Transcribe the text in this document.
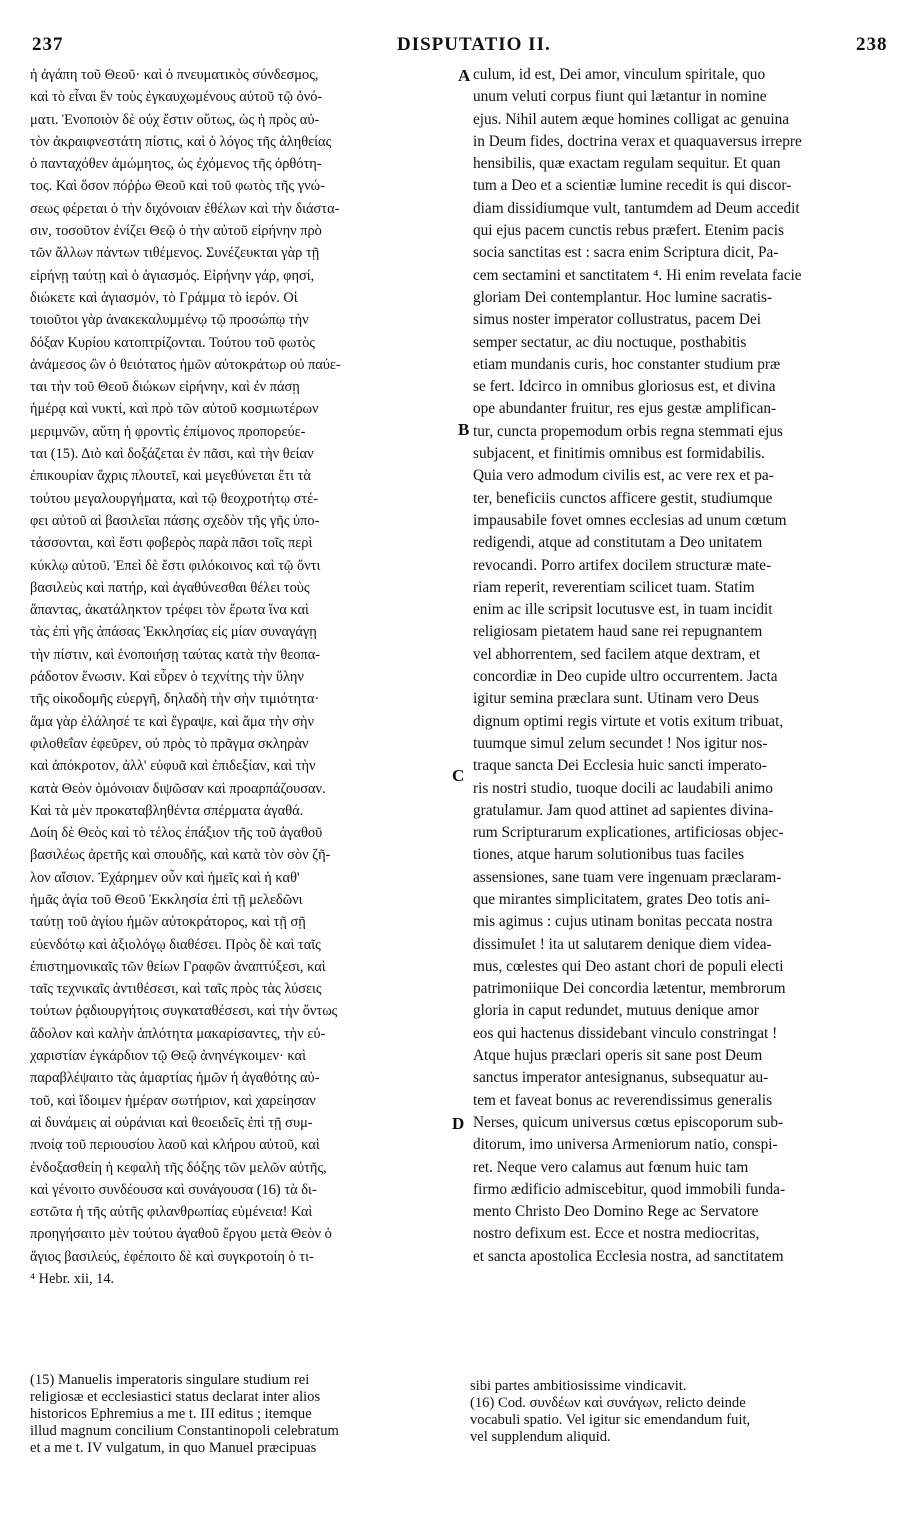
237	DISPUTATIO II.	238
ἡ ἀγάπη τοῦ Θεοῦ· καὶ ὁ πνευματικὸς σύνδεσμος,
καὶ τὸ εἶναι ἓν τοὺς ἐγκαυχωμένους αὐτοῦ τῷ ὀνό-
ματι. Ἑνοποιὸν δὲ οὐχ ἔστιν οὕτως, ὡς ἡ πρὸς αὐ-
τὸν ἀκραιφνεστάτη πίστις, καὶ ὁ λόγος τῆς ἀληθείας
ὁ πανταχόθεν ἀμώμητος, ὡς ἐχόμενος τῆς ὀρθότη-
τος. Καὶ ὅσον πόῤῥω Θεοῦ καὶ τοῦ φωτὸς τῆς γνώ-
σεως φέρεται ὁ τὴν διχόνοιαν ἐθέλων καὶ τὴν διάστα-
σιν, τοσοῦτον ἐνίζει Θεῷ ὁ τὴν αὐτοῦ εἰρήνην πρὸ
τῶν ἄλλων πάντων τιθέμενος. Συνέζευκται γὰρ τῇ
εἰρήνῃ ταύτῃ καὶ ὁ ἁγιασμός. Εἰρήνην γάρ, φησί,
διώκετε καὶ ἁγιασμόν, τὸ Γράμμα τὸ ἱερόν. Οἱ
τοιοῦτοι γὰρ ἀνακεκαλυμμένῳ τῷ προσώπῳ τὴν
δόξαν Κυρίου κατοπτρίζονται. Τούτου τοῦ φωτὸς
ἀνάμεσος ὢν ὁ θειότατος ἡμῶν αὐτοκράτωρ οὐ παύε-
ται τὴν τοῦ Θεοῦ διώκων εἰρήνην, καὶ ἐν πάσῃ
ἡμέρᾳ καὶ νυκτί, καὶ πρὸ τῶν αὐτοῦ κοσμιωτέρων
μεριμνῶν, αὕτη ἡ φροντὶς ἐπίμονος προπορεύε-
ται (15). Διὸ καὶ δοξάζεται ἐν πᾶσι, καὶ τὴν θείαν
ἐπικουρίαν ἄχρις πλουτεῖ, καὶ μεγεθύνεται ἔτι τὰ
τούτου μεγαλουργήματα, καὶ τῷ θεοχροτήτῳ στέ-
φει αὐτοῦ αἱ βασιλεῖαι πάσης σχεδὸν τῆς γῆς ὑπο-
τάσσονται, καὶ ἔστι φοβερὸς παρὰ πᾶσι τοῖς περὶ
κύκλῳ αὐτοῦ. Ἐπεὶ δὲ ἔστι φιλόκοινος καὶ τῷ ὄντι
βασιλεὺς καὶ πατήρ, καὶ ἀγαθύνεσθαι θέλει τοὺς
ἅπαντας, ἀκατάληκτον τρέφει τὸν ἔρωτα ἵνα καὶ
τὰς ἐπὶ γῆς ἁπάσας Ἐκκλησίας εἰς μίαν συναγάγῃ
τὴν πίστιν, καὶ ἑνοποιήσῃ ταύτας κατὰ τὴν θεοπα-
ράδοτον ἕνωσιν. Καὶ εὗρεν ὁ τεχνίτης τὴν ὕλην
τῆς οἰκοδομῆς εὐεργῆ, δηλαδὴ τὴν σὴν τιμιότητα·
ἅμα γὰρ ἐλάλησέ τε καὶ ἔγραψε, καὶ ἅμα τὴν σὴν
φιλοθεΐαν ἐφεῦρεν, οὐ πρὸς τὸ πρᾶγμα σκληρὰν
καὶ ἀπόκροτον, ἀλλ' εὐφυᾶ καὶ ἐπιδεξίαν, καὶ τὴν
κατὰ Θεὸν ὁμόνοιαν διψῶσαν καὶ προαρπάζουσαν.
Καὶ τὰ μὲν προκαταβληθέντα σπέρματα ἀγαθά.
Δοίη δὲ Θεὸς καὶ τὸ τέλος ἐπάξιον τῆς τοῦ ἀγαθοῦ
βασιλέως ἀρετῆς καὶ σπουδῆς, καὶ κατὰ τὸν σὸν ζῆ-
λον αἴσιον. Ἐχάρημεν οὖν καὶ ἡμεῖς καὶ ἡ καθ'
ἡμᾶς ἁγία τοῦ Θεοῦ Ἐκκλησία ἐπὶ τῇ μελεδῶνι
ταύτῃ τοῦ ἁγίου ἡμῶν αὐτοκράτορος, καὶ τῇ σῇ
εὐενδότῳ καὶ ἀξιολόγῳ διαθέσει. Πρὸς δὲ καὶ ταῖς
ἐπιστημονικαῖς τῶν θείων Γραφῶν ἀναπτύξεσι, καὶ
ταῖς τεχνικαῖς ἀντιθέσεσι, καὶ ταῖς πρὸς τὰς λύσεις
τούτων ῥᾳδιουργήτοις συγκαταθέσεσι, καὶ τὴν ὄντως
ἄδολον καὶ καλὴν ἁπλότητα μακαρίσαντες, τὴν εὐ-
χαριστίαν ἐγκάρδιον τῷ Θεῷ ἀνηνέγκοιμεν· καὶ
παραβλέψαιτο τὰς ἁμαρτίας ἡμῶν ἡ ἀγαθότης αὐ-
τοῦ, καὶ ἴδοιμεν ἡμέραν σωτήριον, καὶ χαρείησαν
αἱ δυνάμεις αἱ οὐράνιαι καὶ θεοειδεῖς ἐπὶ τῇ συμ-
πνοίᾳ τοῦ περιουσίου λαοῦ καὶ κλήρου αὐτοῦ, καὶ
ἐνδοξασθείη ἡ κεφαλὴ τῆς δόξης τῶν μελῶν αὐτῆς,
καὶ γένοιτο συνδέουσα καὶ συνάγουσα (16) τὰ δι-
εστῶτα ἡ τῆς αὐτῆς φιλανθρωπίας εὐμένεια! Καὶ
προηγήσαιτο μὲν τούτου ἀγαθοῦ ἔργου μετὰ Θεὸν ὁ
ἅγιος βασιλεύς, ἐφέποιτο δὲ καὶ συγκροτοίη ὁ τι-
⁴ Hebr. xii, 14.
culum, id est, Dei amor, vinculum spiritale, quo
unum veluti corpus fiunt qui lætantur in nomine
ejus. Nihil autem æque homines colligat ac genuina
in Deum fides, doctrina verax et quaquaversus irrepre
hensibilis, quæ exactam regulam sequitur. Et quan
tum a Deo et a scientiæ lumine recedit is qui discor-
diam dissidiumque vult, tantumdem ad Deum accedit
qui ejus pacem cunctis rebus præfert. Etenim pacis
socia sanctitas est : sacra enim Scriptura dicit, Pa-
cem sectamini et sanctitatem ⁴. Hi enim revelata facie
gloriam Dei contemplantur. Hoc lumine sacratis-
simus noster imperator collustratus, pacem Dei
semper sectatur, ac diu noctuque, posthabitis
etiam mundanis curis, hoc constanter studium præ
se fert. Idcirco in omnibus gloriosus est, et divina
ope abundanter fruitur, res ejus gestæ amplifican-
tur, cuncta propemodum orbis regna stemmati ejus
subjacent, et finitimis omnibus est formidabilis.
Quia vero admodum civilis est, ac vere rex et pa-
ter, beneficiis cunctos afficere gestit, studiumque
impausabile fovet omnes ecclesias ad unum cœtum
redigendi, atque ad constitutam a Deo unitatem
revocandi. Porro artifex docilem structuræ mate-
riam reperit, reverentiam scilicet tuam. Statim
enim ac ille scripsit locutusve est, in tuam incidit
religiosam pietatem haud sane rei repugnantem
vel abhorrentem, sed facilem atque dextram, et
concordiæ in Deo cupide ultro occurrentem. Jacta
igitur semina præclara sunt. Utinam vero Deus
dignum optimi regis virtute et votis exitum tribuat,
tuumque simul zelum secundet ! Nos igitur nos-
traque sancta Dei Ecclesia huic sancti imperato-
ris nostri studio, tuoque docili ac laudabili animo
gratulamur. Jam quod attinet ad sapientes divina-
rum Scripturarum explicationes, artificiosas objec-
tiones, atque harum solutionibus tuas faciles
assensiones, sane tuam vere ingenuam præclaram-
que mirantes simplicitatem, grates Deo totis ani-
mis agimus : cujus utinam bonitas peccata nostra
dissimulet ! ita ut salutarem denique diem videa-
mus, cœlestes qui Deo astant chori de populi electi
patrimoniique Dei concordia lætentur, membrorum
gloria in caput redundet, mutuus denique amor
eos qui hactenus dissidebant vinculo constringat !
Atque hujus præclari operis sit sane post Deum
sanctus imperator antesignanus, subsequatur au-
tem et faveat bonus ac reverendissimus generalis
Nerses, quicum universus cœtus episcoporum sub-
ditorum, imo universa Armeniorum natio, conspi-
ret. Neque vero calamus aut fœnum huic tam
firmo ædificio admiscebitur, quod immobili funda-
mento Christo Deo Domino Rege ac Servatore
nostro defixum est. Ecce et nostra mediocritas,
et sancta apostolica Ecclesia nostra, ad sanctitatem
A
B
C
D
(15) Manuelis imperatoris singulare studium rei
religiosæ et ecclesiastici status declarat inter alios
historicos Ephremius a me t. III editus ; itemque
illud magnum concilium Constantinopoli celebratum
et a me t. IV vulgatum, in quo Manuel præcipuas
sibi partes ambitiosissime vindicavit.
(16) Cod. συνδέων καὶ συνάγων, relicto deinde
vocabuli spatio. Vel igitur sic emendandum fuit,
vel supplendum aliquid.
